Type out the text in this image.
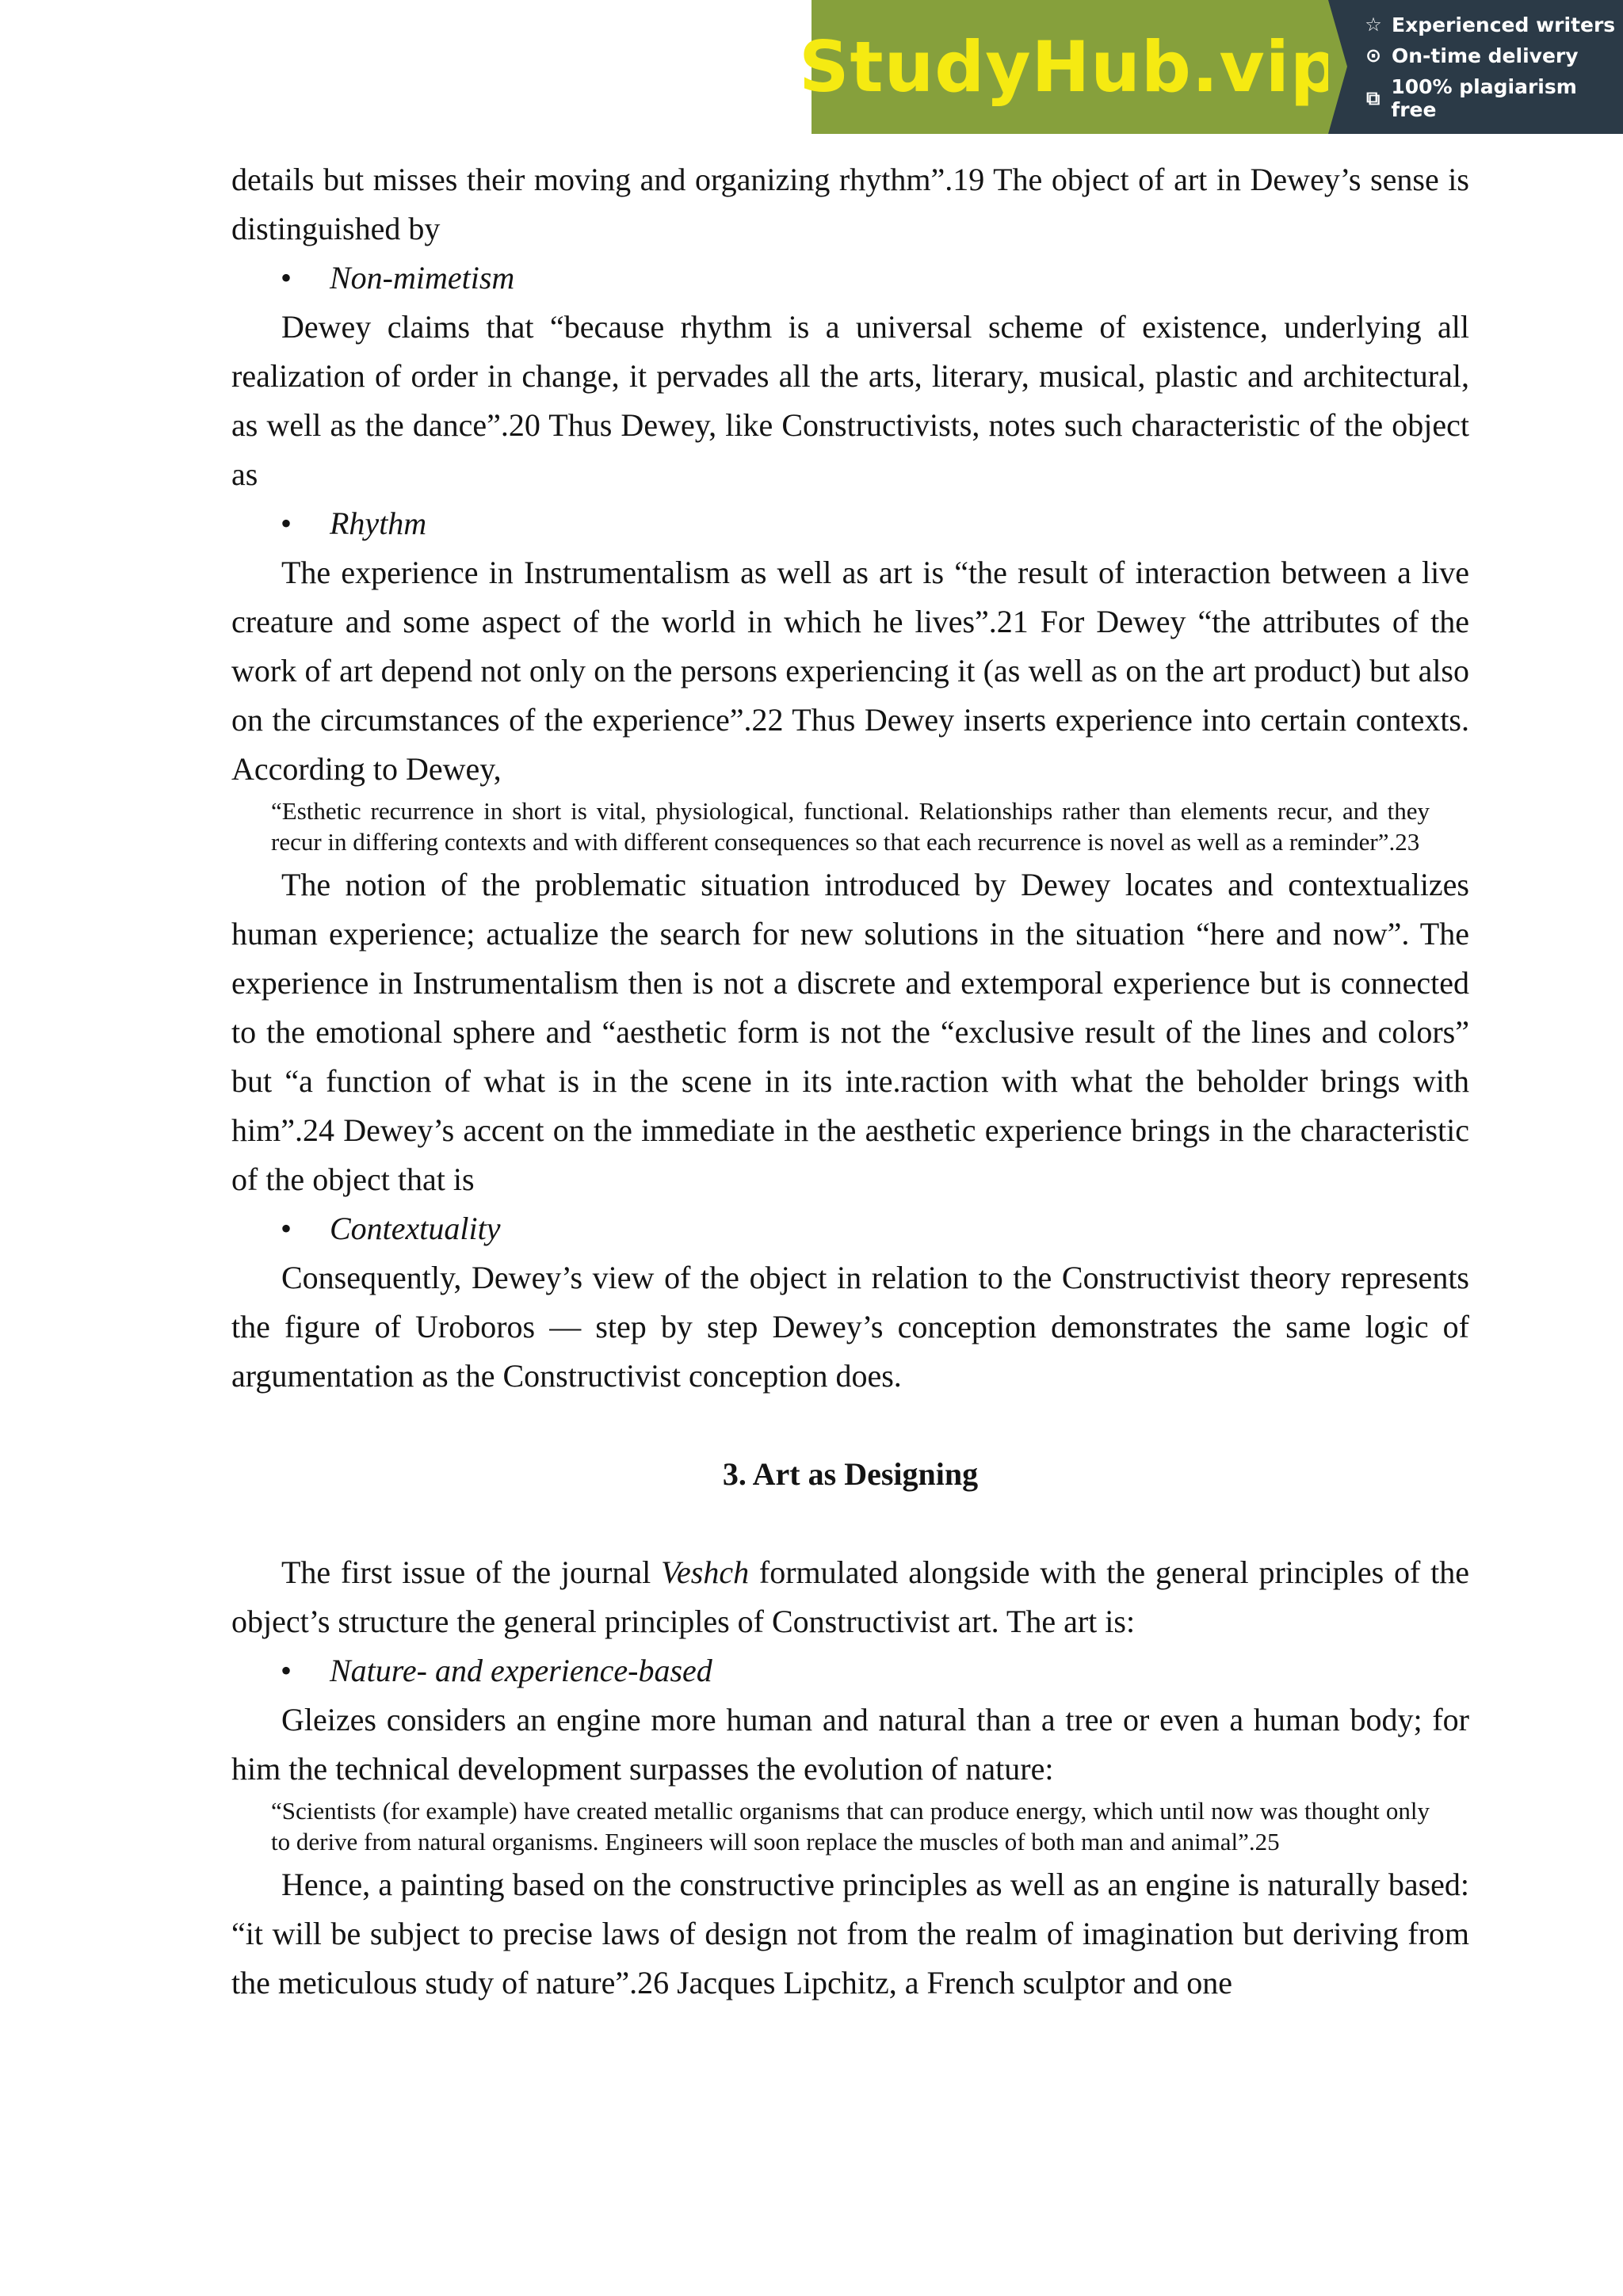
StudyHub.vip
☆ Experienced writers
⊙ On-time delivery
⧉ 100% plagiarism free

details but misses their moving and organizing rhythm”.19 The object of art in Dewey’s sense is distinguished by

• Non-mimetism

Dewey claims that “because rhythm is a universal scheme of existence, underlying all realization of order in change, it pervades all the arts, literary, musical, plastic and architectural, as well as the dance”.20 Thus Dewey, like Constructivists, notes such characteristic of the object as

• Rhythm

The experience in Instrumentalism as well as art is “the result of interaction between a live creature and some aspect of the world in which he lives”.21 For Dewey “the attributes of the work of art depend not only on the persons experiencing it (as well as on the art product) but also on the circumstances of the experience”.22 Thus Dewey inserts experience into certain contexts. According to Dewey,

“Esthetic recurrence in short is vital, physiological, functional. Relationships rather than elements recur, and they recur in differing contexts and with different consequences so that each recurrence is novel as well as a reminder”.23

The notion of the problematic situation introduced by Dewey locates and contextualizes human experience; actualize the search for new solutions in the situation “here and now”. The experience in Instrumentalism then is not a discrete and extemporal experience but is connected to the emotional sphere and “aesthetic form is not the “exclusive result of the lines and colors” but “a function of what is in the scene in its inte.raction with what the beholder brings with him”.24 Dewey’s accent on the immediate in the aesthetic experience brings in the characteristic of the object that is

• Contextuality

Consequently, Dewey’s view of the object in relation to the Constructivist theory represents the figure of Uroboros — step by step Dewey’s conception demonstrates the same logic of argumentation as the Constructivist conception does.

3. Art as Designing

The first issue of the journal Veshch formulated alongside with the general principles of the object’s structure the general principles of Constructivist art. The art is:

• Nature- and experience-based

Gleizes considers an engine more human and natural than a tree or even a human body; for him the technical development surpasses the evolution of nature:

“Scientists (for example) have created metallic organisms that can produce energy, which until now was thought only to derive from natural organisms. Engineers will soon replace the muscles of both man and animal”.25

Hence, a painting based on the constructive principles as well as an engine is naturally based: “it will be subject to precise laws of design not from the realm of imagination but deriving from the meticulous study of nature”.26 Jacques Lipchitz, a French sculptor and one
